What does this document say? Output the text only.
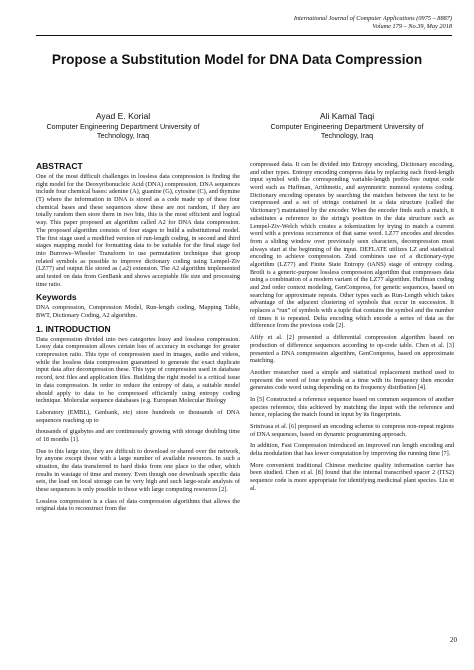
International Journal of Computer Applications (0975 – 8887)
Volume 179 – No.39, May 2018
Propose a Substitution Model for DNA Data Compression
Ayad E. Korial
Computer Engineering Department University of Technology, Iraq
Ali Kamal Taqi
Computer Engineering Department University of Technology, Iraq
ABSTRACT

One of the most difficult challenges in lossless data compression is finding the right model for the Deoxyribonucleic Acid (DNA) compression. DNA sequences include four chemical bases: adenine (A), guanine (G), cytosine (C), and thymine (T) where the information in DNA is stored as a code made up of these four chemical bases and these sequences show these are not random, if they are totally random then store them in two bits, this is the most efficient and logical way. This paper proposed an algorithm called A2 for DNA data compression. The proposed algorithm consists of four stages to build a substitutional model. The first stage used a modified version of run-length coding, in second and third stages mapping model for formatting data to be suitable for the final stage fed into Burrows–Wheeler Transform to use permutation technique that group related symbols as possible to improve dictionary coding using Lempel-Ziv (LZ77) and output file stored as (.a2) extension. The A2 algorithm implemented and tested on data from GenBank and shows acceptable file size and processing time ratio.

Keywords

DNA compression, Compression Model, Run-length coding, Mapping Table, BWT, Dictionary Coding, A2 algorithm.

1. INTRODUCTION

Data compression divided into two categories lossy and lossless compression. Lossy data compression allows certain loss of accuracy in exchange for greater compression ratio. This type of compression used in images, audio and videos, while the lossless data compression guaranteed to generate the exact duplicate input data after decompression these. This type of compression used in database record, text files and application files. Building the right model is a critical issue in data compression. In order to reduce the entropy of data, a suitable model should apply to data to be compressed efficiently using entropy coding technique. Molecular sequence databases (e.g. European Molecular Biology

Laboratory (EMBL), Genbank, etc) store hundreds or thousands of DNA sequences reaching up to

thousands of gigabytes and are continuously growing with storage doubling time of 18 months [1].

Due to this large size, they are difficult to download or shared over the network, by anyone except those with a large number of available resources. In such a situation, the data transferred to hard disks from one place to the other, which results in wastage of time and money. Even though one downloads specific data sets, the load on local storage can be very high and such large-scale analysis of these sequences is only possible to those with large computing resources [2].

Lossless compression is a class of data compression algorithms that allows the original data to reconstruct from the

compressed data. It can be divided into Entropy encoding, Dictionary encoding, and other types. Entropy encoding compress data by replacing each fixed-length input symbol with the corresponding variable-length prefix-free output code word such as Huffman, Arithmetic, and asymmetric numeral systems coding. Dictionary encoding operates by searching the matches between the text to be compressed and a set of strings contained in a data structure (called the 'dictionary') maintained by the encoder. When the encoder finds such a match, it substitutes a reference to the string's position in the data structure such as Lempel-Ziv-Welch which creates a tokenization by trying to match a current word with a previous occurrence of that same word. LZ77 encodes and decodes from a sliding window over previously seen characters, decompression must always start at the beginning of the input. DEFLATE utilizes LZ and statistical encoding to achieve compression. Zstd combines use of a dictionary-type algorithm (LZ77) and Finite State Entropy (tANS) stage of entropy coding. Brotli is a generic-purpose lossless compression algorithm that compresses data using a combination of a modern variant of the LZ77 algorithm. Huffman coding and 2nd order context modeling, GenCompress, for genetic sequences, based on searching for approximate repeats. Other types such as Run-Length which takes advantage of the adjacent clustering of symbols that occur in succession. It replaces a “run” of symbols with a tuple that contains the symbol and the number of times it is repeated. Delta encoding which encode a series of data as the difference from the previous code [2].

Afify et al. [2] presented a differential compression algorithm based on production of difference sequences according to op-code table. Chen et al. [3] presented a DNA compression algorithm, GenCompress, based on approximate matching.

Another researcher used a simple and statistical replacement method used to represent the word of four symbols at a time with its frequency then encoder generates code word using depending on its frequency distribution [4].

In [5] Constructed a reference sequence based on common sequences of another species reference, this achieved by matching the input with the reference and hence, replacing the match found in input by its fingerprints.

Srinivasa et al. [6] proposed an encoding scheme to compress non-repeat regions of DNA sequences, based on dynamic programming approach.

In addition, Fast Compression introduced an improved run length encoding and delta modulation that has lower computation by improving the running time [7].

More convenient traditional Chinese medicine quality information carrier has been studied. Chen et al. [8] found that the internal transcribed spacer 2 (ITS2) sequence code is more appropriate for identifying medicinal plant species. Liu et al.

20
